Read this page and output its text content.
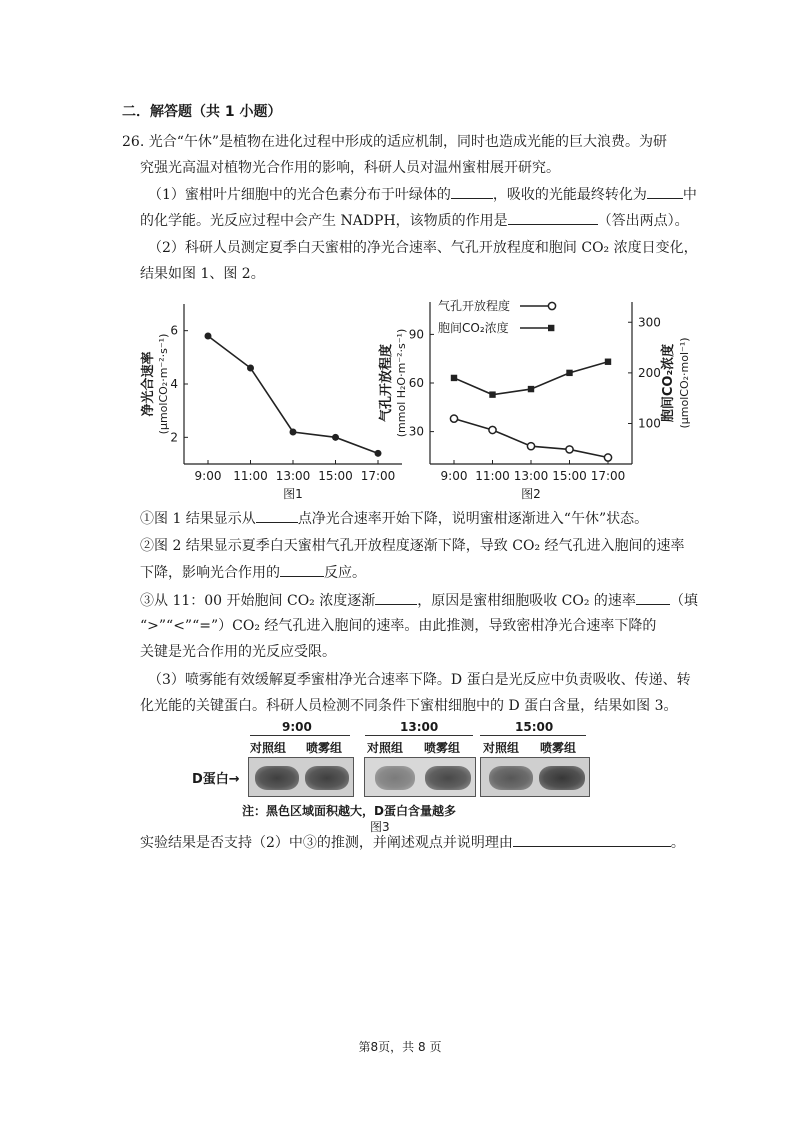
二．解答题（共 1 小题）
26. 光合“午休”是植物在进化过程中形成的适应机制，同时也造成光能的巨大浪费。为研
究强光高温对植物光合作用的影响，科研人员对温州蜜柑展开研究。
（1）蜜柑叶片细胞中的光合色素分布于叶绿体的	，吸收的光能最终转化为	中
的化学能。光反应过程中会产生 NADPH，该物质的作用是	（答出两点）。
（2）科研人员测定夏季白天蜜柑的净光合速率、气孔开放程度和胞间 CO₂ 浓度日变化，
结果如图 1、图 2。
2
4
6
9:00 11:00 13:00 15:00 17:00
净光合速率 (μmolCO₂·m⁻²·s⁻¹)
图1
30
60
90
100
200
300
9:00 11:00 13:00 15:00 17:00
气孔开放程度
胞间CO₂浓度
气孔开放程度 (mmol H₂O·m⁻²·s⁻¹)	胞间CO₂浓度 (μmolCO₂·mol⁻¹)
图2
①图 1 结果显示从	点净光合速率开始下降，说明蜜柑逐渐进入“午休”状态。
②图 2 结果显示夏季白天蜜柑气孔开放程度逐渐下降，导致 CO₂ 经气孔进入胞间的速率
下降，影响光合作用的	反应。
③从 11：00 开始胞间 CO₂ 浓度逐渐	，原因是蜜柑细胞吸收 CO₂ 的速率 （填
“>”“<”“=”）CO₂ 经气孔进入胞间的速率。由此推测，导致密柑净光合速率下降的
关键是光合作用的光反应受限。
（3）喷雾能有效缓解夏季蜜柑净光合速率下降。D 蛋白是光反应中负责吸收、传递、转
化光能的关键蛋白。科研人员检测不同条件下蜜柑细胞中的 D 蛋白含量，结果如图 3。
9:00	13:00	15:00
对照组 喷雾组 对照组 喷雾组 对照组 喷雾组
D蛋白→
注：黑色区域面积越大，D蛋白含量越多
图3
实验结果是否支持（2）中③的推测，并阐述观点并说明理由	。
第8页，共 8 页
